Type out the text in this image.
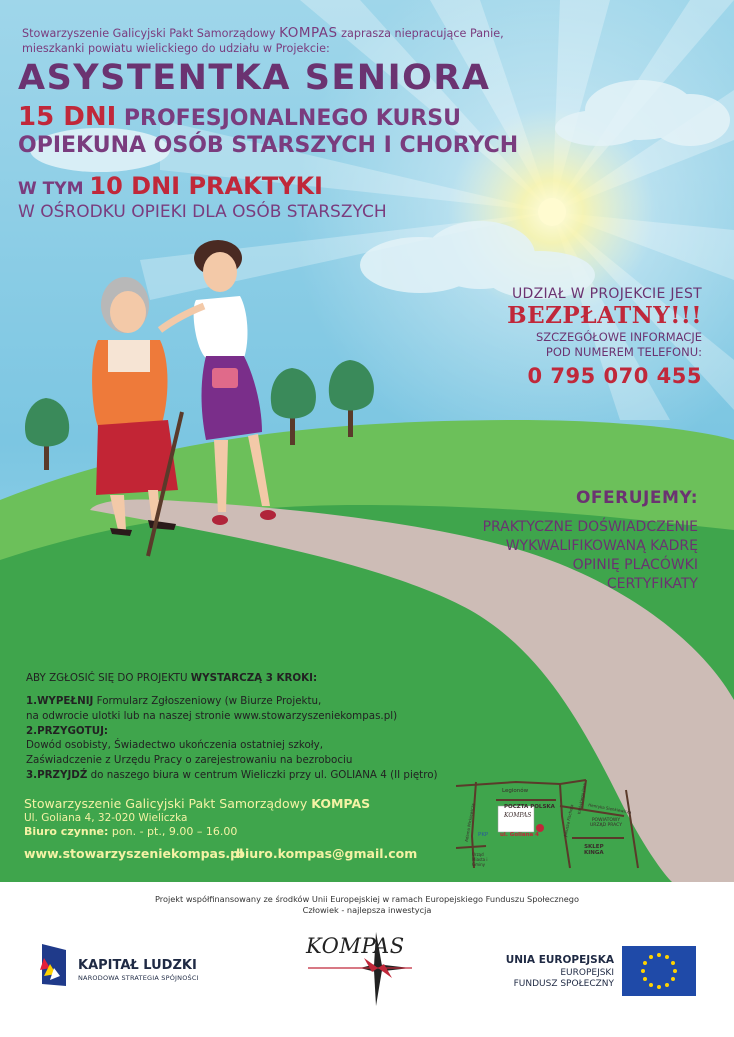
Stowarzyszenie Galicyjski Pakt Samorządowy KOMPAS zaprasza niepracujące Panie,
mieszkanki powiatu wielickiego do udziału w Projekcie:
ASYSTENTKA SENIORA
15 DNI PROFESJONALNEGO KURSU
OPIEKUNA OSÓB STARSZYCH I CHORYCH
W TYM 10 DNI PRAKTYKI
W OŚRODKU OPIEKI DLA OSÓB STARSZYCH
UDZIAŁ W PROJEKCIE JEST
BEZPŁATNY!!!
SZCZEGÓŁOWE INFORMACJE
POD NUMEREM TELEFONU:
0 795 070 455
OFERUJEMY:
PRAKTYCZNE DOŚWIADCZENIE
WYKWALIFIKOWANĄ KADRĘ
OPINIĘ PLACÓWKI
CERTYFIKATY
ABY ZGŁOSIĆ SIĘ DO PROJEKTU WYSTARCZĄ 3 KROKI:
1.WYPEŁNIJ Formularz Zgłoszeniowy (w Biurze Projektu,
na odwrocie ulotki lub na naszej stronie www.stowarzyszeniekompas.pl)
2.PRZYGOTUJ:
Dowód osobisty, Świadectwo ukończenia ostatniej szkoły,
Zaświadczenie z Urzędu Pracy o zarejestrowaniu na bezrobociu
3.PRZYJDŹ do naszego biura w centrum Wieliczki przy ul. GOLIANA 4 (II piętro)
Stowarzyszenie Galicyjski Pakt Samorządowy KOMPAS
Ul. Goliana 4, 32-020 Wieliczka
Biuro czynne: pon. - pt., 9.00 – 16.00
www.stowarzyszeniekompas.pl
biuro.kompas@gmail.com
Legionów
POCZTA POLSKA
KOMPAS
ul. Goliana 4
PKP
POWIATOWY
URZĄD PRACY
SKLEP
KINGA
Adama Mickiewicza	Juliusza Fischera
Kilińskiego Jana Henryka Sienkiewicza
Urząd
Miasta i
Gminy
Projekt współfinansowany ze środków Unii Europejskiej w ramach Europejskiego Funduszu Społecznego
Człowiek - najlepsza inwestycja
KAPITAŁ LUDZKI
NARODOWA STRATEGIA SPÓJNOŚCI
KOMPAS
UNIA EUROPEJSKA
EUROPEJSKI
FUNDUSZ SPOŁECZNY
